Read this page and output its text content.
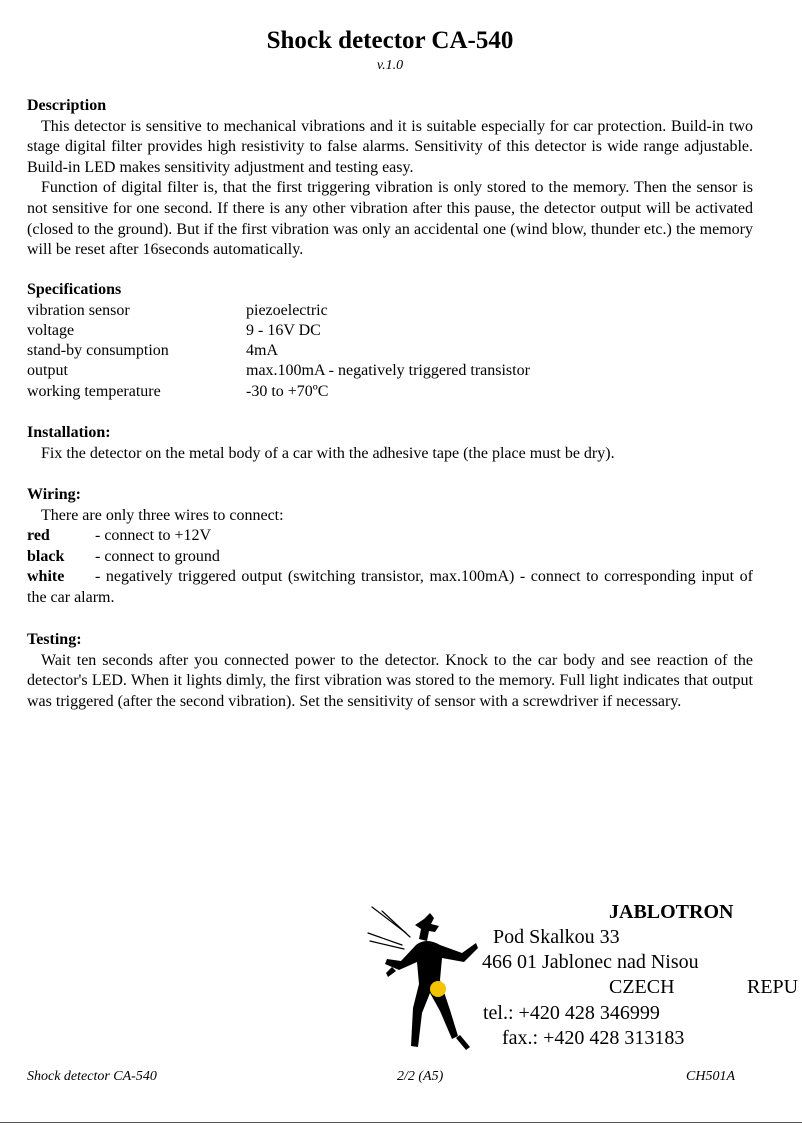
Shock detector CA-540
v.1.0
Description
This detector is sensitive to mechanical vibrations and it is suitable especially for car protection. Build-in two stage digital filter provides high resistivity to false alarms. Sensitivity of this detector is wide range adjustable. Build-in LED makes sensitivity adjustment and testing easy.
Function of digital filter is, that the first triggering vibration is only stored to the memory. Then the sensor is not sensitive for one second. If there is any other vibration after this pause, the detector output will be activated (closed to the ground). But if the first vibration was only an accidental one (wind blow, thunder etc.) the memory will be reset after 16seconds automatically.
Specifications
vibration sensor	piezoelectric
voltage	9 - 16V DC
stand-by consumption	4mA
output	max.100mA - negatively triggered transistor
working temperature	-30 to +70ºC
Installation:
Fix the detector on the metal body of a car with the adhesive tape (the place must be dry).
Wiring:
There are only three wires to connect:
red	- connect to +12V
black	- connect to ground
white	- negatively triggered output (switching transistor, max.100mA) - connect to corresponding input of the car alarm.
Testing:
Wait ten seconds after you connected power to the detector. Knock to the car body and see reaction of the detector's LED. When it lights dimly, the first vibration was stored to the memory. Full light indicates that output was triggered (after the second vibration). Set the sensitivity of sensor with a screwdriver if necessary.
JABLOTRON
Pod Skalkou 33
466 01 Jablonec nad Nisou
CZECH	REPU
tel.: +420 428 346999
fax.: +420 428 313183
Shock detector CA-540	2/2 (A5)	CH501A
